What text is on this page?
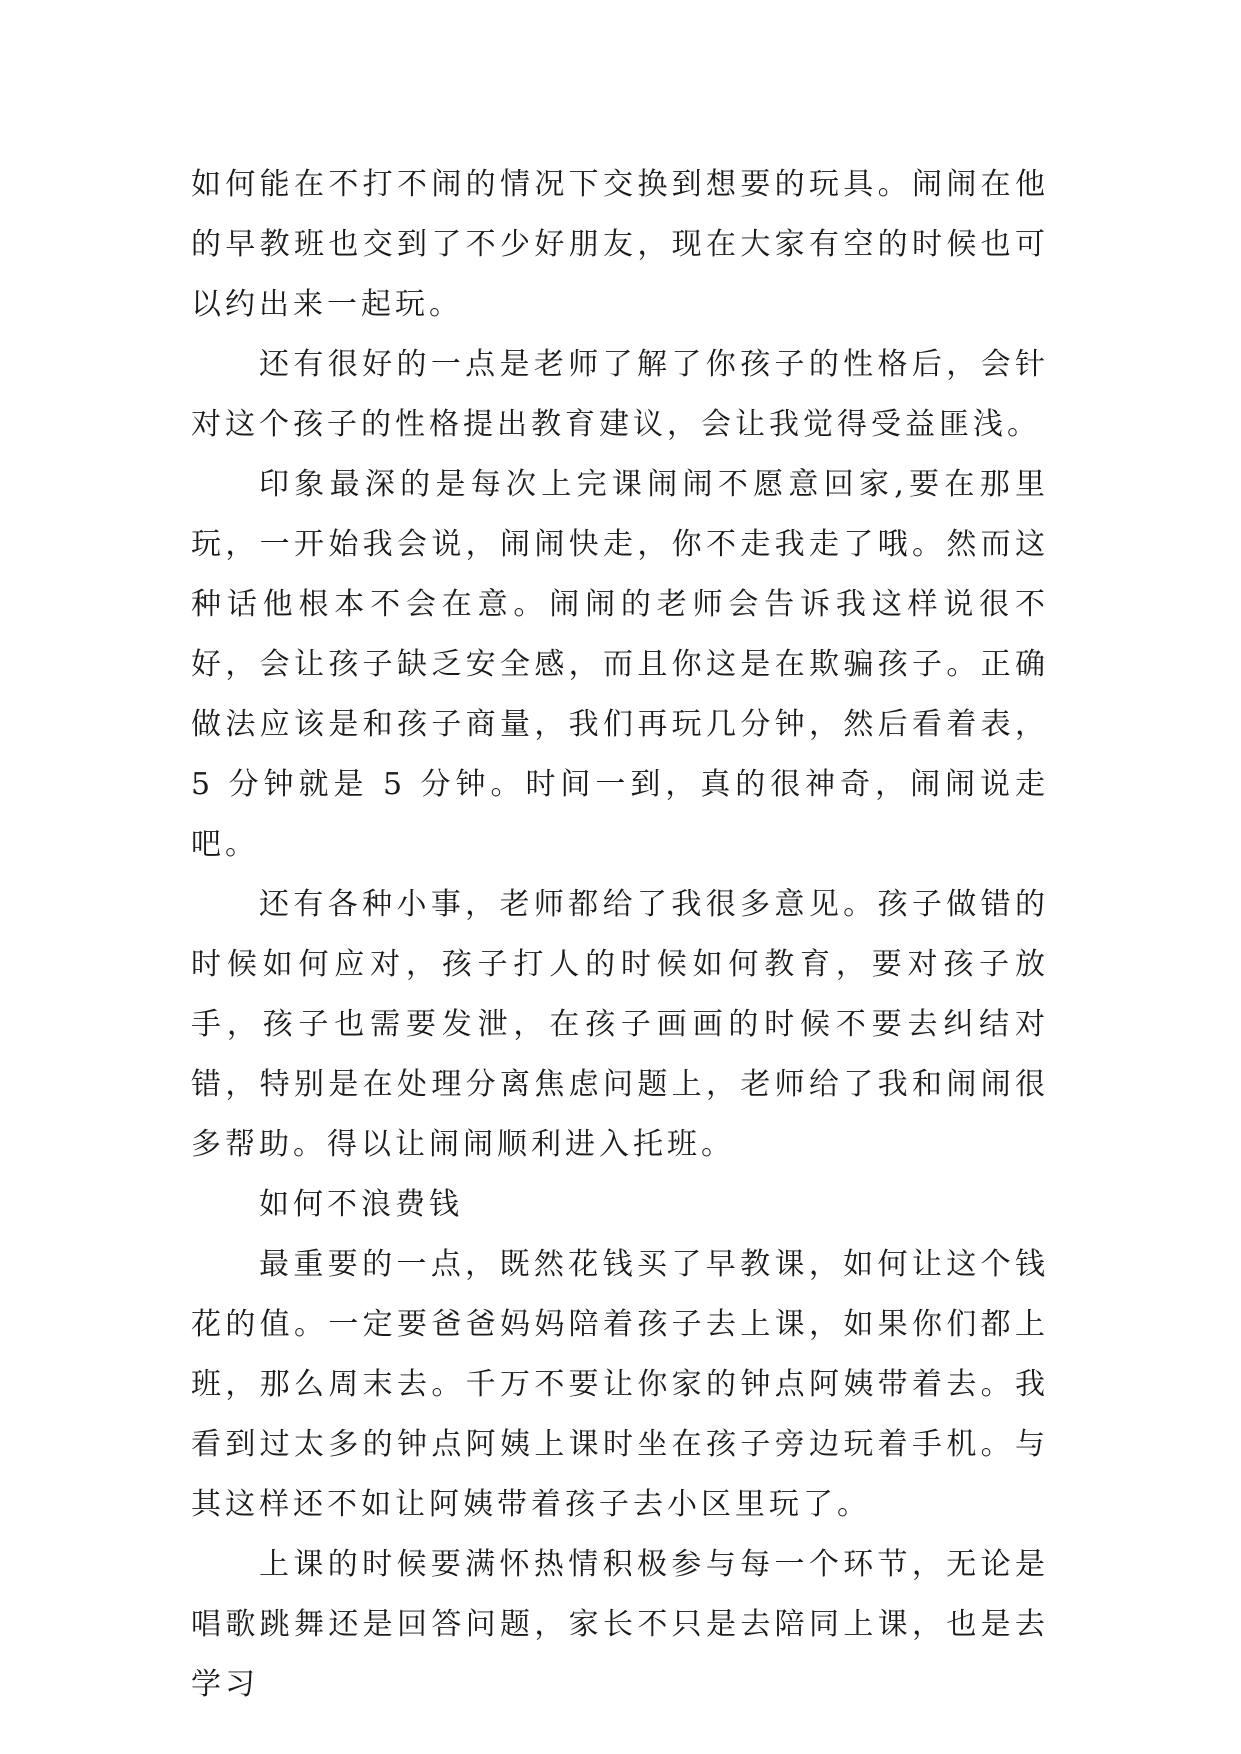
如何能在不打不闹的情况下交换到想要的玩具。闹闹在他的早教班也交到了不少好朋友，现在大家有空的时候也可以约出来一起玩。

还有很好的一点是老师了解了你孩子的性格后，会针对这个孩子的性格提出教育建议，会让我觉得受益匪浅。

印象最深的是每次上完课闹闹不愿意回家,要在那里玩，一开始我会说，闹闹快走，你不走我走了哦。然而这种话他根本不会在意。闹闹的老师会告诉我这样说很不好，会让孩子缺乏安全感，而且你这是在欺骗孩子。正确做法应该是和孩子商量，我们再玩几分钟，然后看着表，5 分钟就是 5 分钟。时间一到，真的很神奇，闹闹说走吧。

还有各种小事，老师都给了我很多意见。孩子做错的时候如何应对，孩子打人的时候如何教育，要对孩子放手，孩子也需要发泄，在孩子画画的时候不要去纠结对错，特别是在处理分离焦虑问题上，老师给了我和闹闹很多帮助。得以让闹闹顺利进入托班。

如何不浪费钱

最重要的一点，既然花钱买了早教课，如何让这个钱花的值。一定要爸爸妈妈陪着孩子去上课，如果你们都上班，那么周末去。千万不要让你家的钟点阿姨带着去。我看到过太多的钟点阿姨上课时坐在孩子旁边玩着手机。与其这样还不如让阿姨带着孩子去小区里玩了。

上课的时候要满怀热情积极参与每一个环节，无论是唱歌跳舞还是回答问题，家长不只是去陪同上课，也是去学习
